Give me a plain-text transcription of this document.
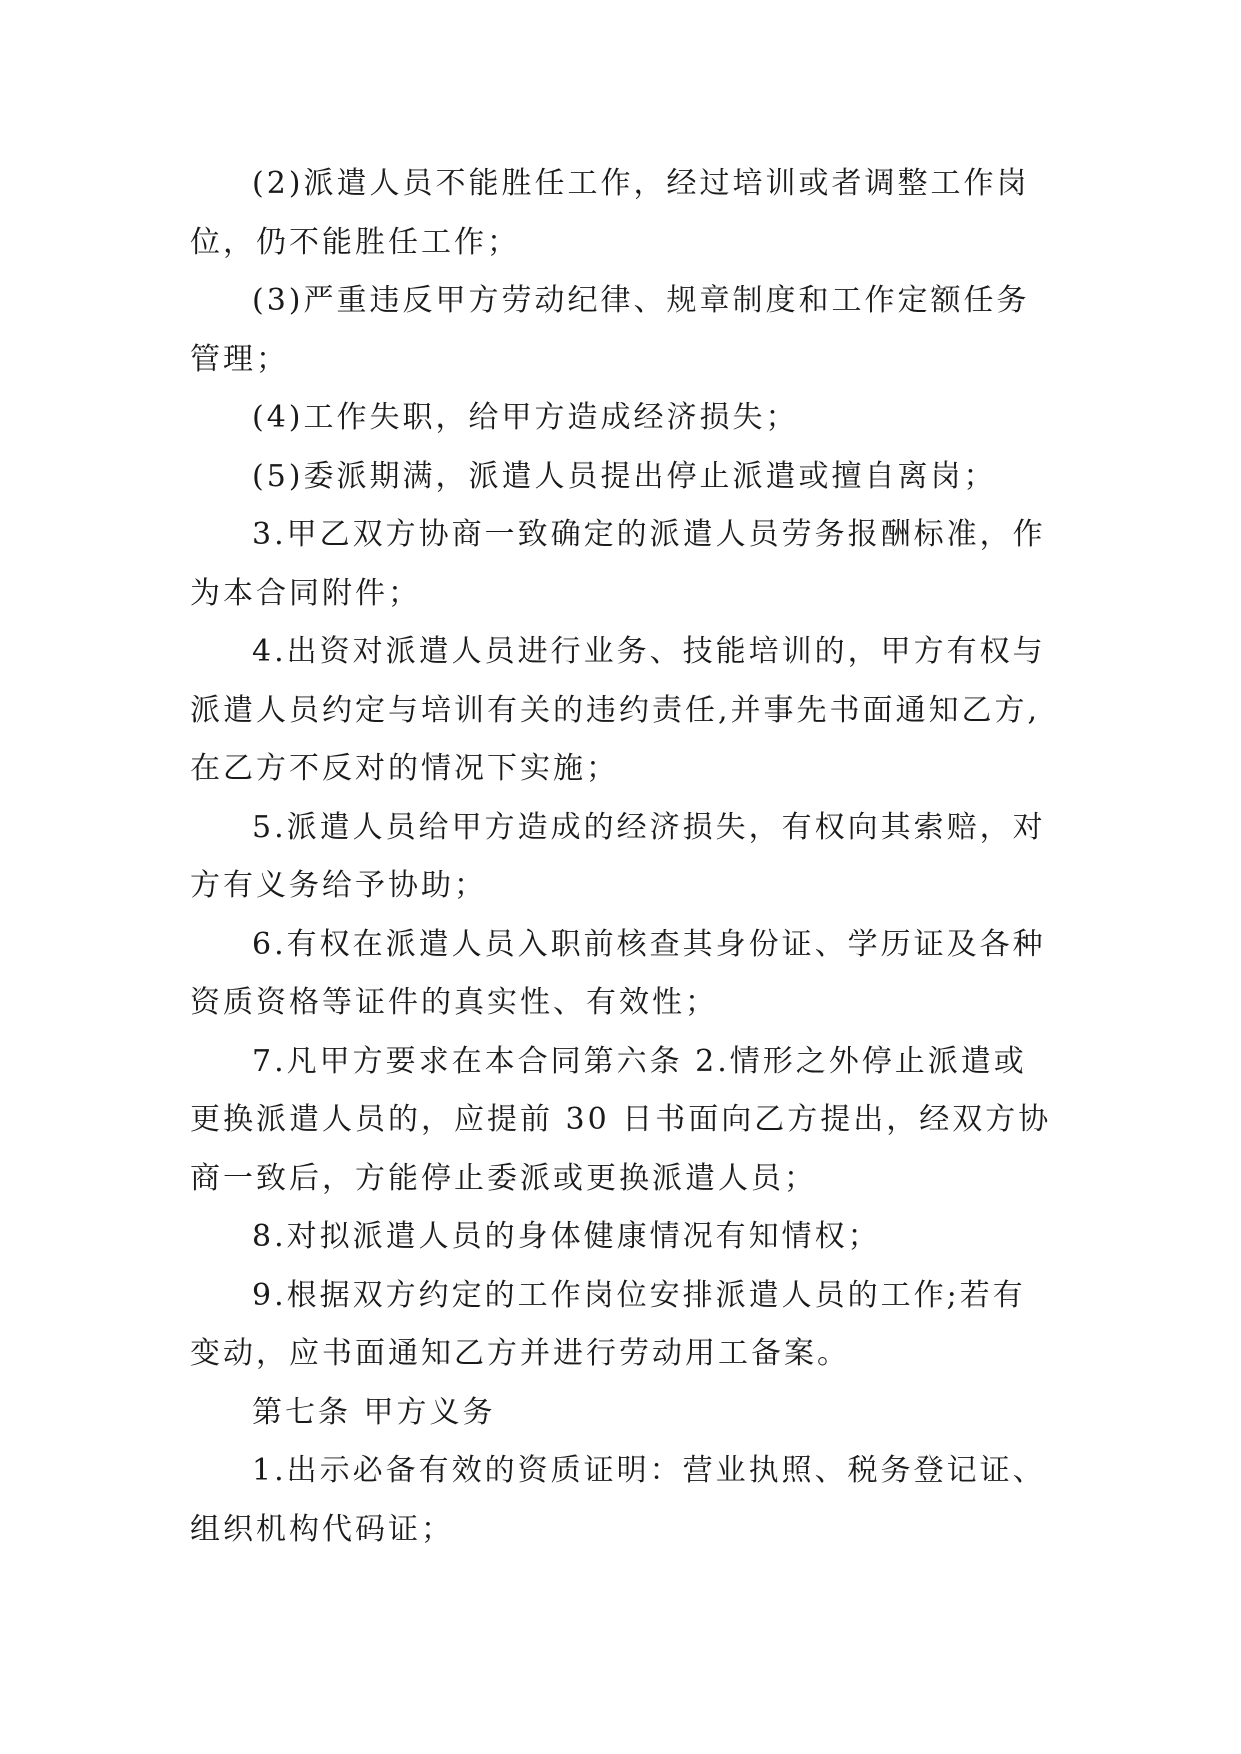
(2)派遣人员不能胜任工作，经过培训或者调整工作岗
位，仍不能胜任工作；
(3)严重违反甲方劳动纪律、规章制度和工作定额任务
管理；
(4)工作失职，给甲方造成经济损失；
(5)委派期满，派遣人员提出停止派遣或擅自离岗；
3.甲乙双方协商一致确定的派遣人员劳务报酬标准，作
为本合同附件；
4.出资对派遣人员进行业务、技能培训的，甲方有权与
派遣人员约定与培训有关的违约责任,并事先书面通知乙方,
在乙方不反对的情况下实施；
5.派遣人员给甲方造成的经济损失，有权向其索赔，对
方有义务给予协助；
6.有权在派遣人员入职前核查其身份证、学历证及各种
资质资格等证件的真实性、有效性；
7.凡甲方要求在本合同第六条 2.情形之外停止派遣或
更换派遣人员的，应提前 30 日书面向乙方提出，经双方协
商一致后，方能停止委派或更换派遣人员；
8.对拟派遣人员的身体健康情况有知情权；
9.根据双方约定的工作岗位安排派遣人员的工作;若有
变动，应书面通知乙方并进行劳动用工备案。
第七条 甲方义务
1.出示必备有效的资质证明：营业执照、税务登记证、
组织机构代码证；
